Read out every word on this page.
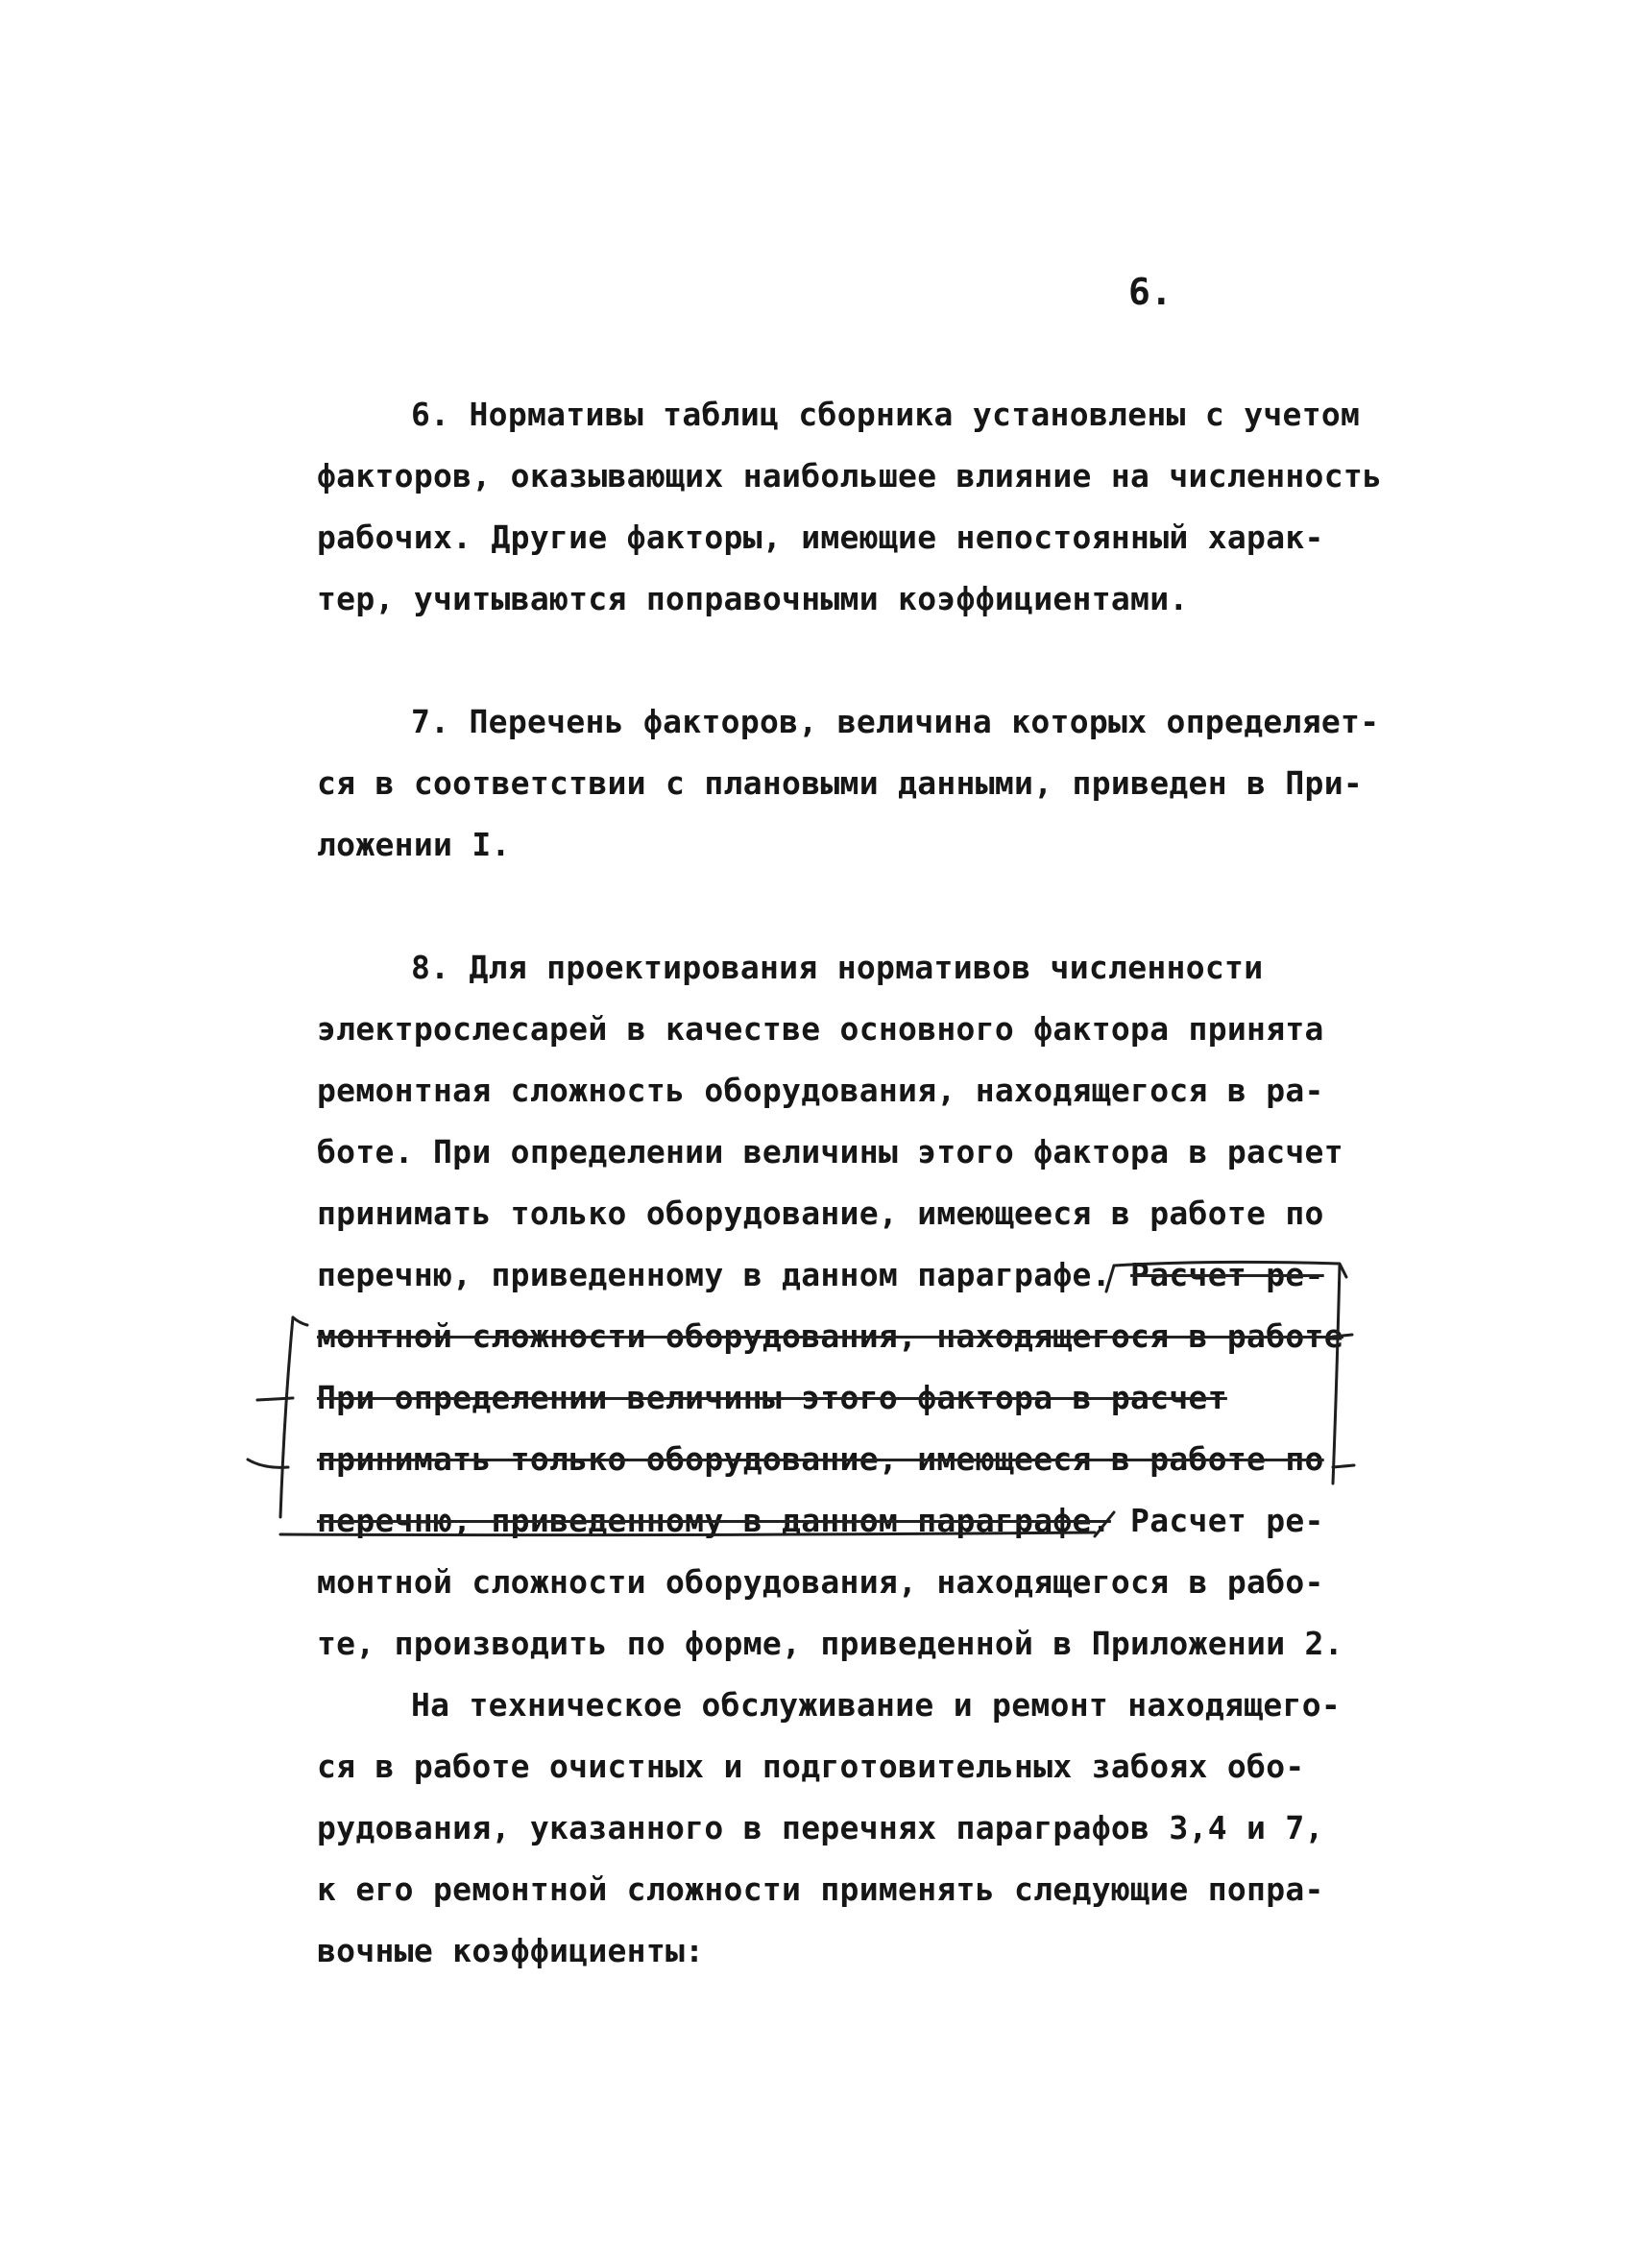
6.
6. Нормативы таблиц сборника установлены с учетом
факторов, оказывающих наибольшее влияние на численность
рабочих. Другие факторы, имеющие непостоянный харак-
тер, учитываются поправочными коэффициентами.
7. Перечень факторов, величина которых определяет-
ся в соответствии с плановыми данными, приведен в При-
ложении I.
8. Для проектирования нормативов численности
электрослесарей в качестве основного фактора принята
ремонтная сложность оборудования, находящегося в ра-
боте. При определении величины этого фактора в расчет
принимать только оборудование, имеющееся в работе по
перечню, приведенному в данном параграфе. Расчет ре-
монтной сложности оборудования, находящегося в работе
При определении величины этого фактора в расчет
принимать только оборудование, имеющееся в работе по
перечню, приведенному в данном параграфе. Расчет ре-
монтной сложности оборудования, находящегося в рабо-
те, производить по форме, приведенной в Приложении 2.
На техническое обслуживание и ремонт находящего-
ся в работе очистных и подготовительных забоях обо-
рудования, указанного в перечнях параграфов 3,4 и 7,
к его ремонтной сложности применять следующие попра-
вочные коэффициенты:
